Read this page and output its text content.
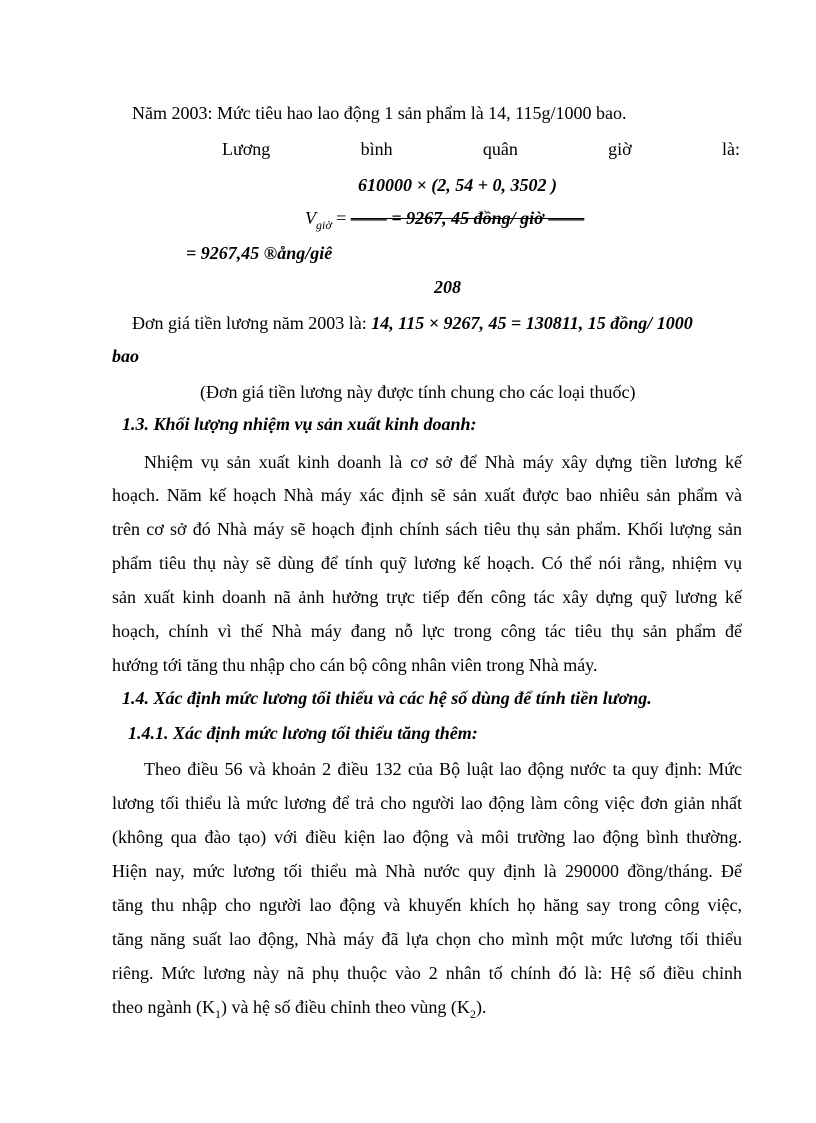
Năm 2003: Mức tiêu hao lao động 1 sản phẩm là 14, 115g/1000 bao.
Lương	bình	quân	giờ	là:
610000 × (2, 54 + 0, 3502 )
$V_{giờ}$ = —— = 9267, 45 đồng/ giờ ——
= 9267,45 ®ång/giê
208
Đơn giá tiền lương năm 2003 là: 14, 115 × 9267, 45 = 130811, 15 đồng/ 1000
bao
(Đơn giá tiền lương này được tính chung cho các loại thuốc)
1.3. Khối lượng nhiệm vụ sản xuất kinh doanh:
Nhiệm vụ sản xuất kinh doanh là cơ sở để Nhà máy xây dựng tiền lương kế
hoạch. Năm kế hoạch Nhà máy xác định sẽ sản xuất được bao nhiêu sản phẩm và
trên cơ sở đó Nhà máy sẽ hoạch định chính sách tiêu thụ sản phẩm. Khối lượng sản
phẩm tiêu thụ này sẽ dùng để tính quỹ lương kế hoạch. Có thể nói rằng, nhiệm vụ
sản xuất kinh doanh nã ảnh hưởng trực tiếp đến công tác xây dựng quỹ lương kế
hoạch, chính vì thế Nhà máy đang nỗ lực trong công tác tiêu thụ sản phẩm để
hướng tới tăng thu nhập cho cán bộ công nhân viên trong Nhà máy.
1.4. Xác định mức lương tối thiểu và các hệ số dùng để tính tiền lương.
1.4.1. Xác định mức lương tối thiểu tăng thêm:
Theo điều 56 và khoản 2 điều 132 của Bộ luật lao động nước ta quy định: Mức
lương tối thiểu là mức lương để trả cho người lao động làm công việc đơn giản nhất
(không qua đào tạo) với điều kiện lao động và môi trường lao động bình thường.
Hiện nay, mức lương tối thiểu mà Nhà nước quy định là 290000 đồng/tháng. Để
tăng thu nhập cho người lao động và khuyến khích họ hăng say trong công việc,
tăng năng suất lao động, Nhà máy đã lựa chọn cho mình một mức lương tối thiểu
riêng. Mức lương này nã phụ thuộc vào 2 nhân tố chính đó là: Hệ số điều chỉnh
theo ngành $(K_1)$ và hệ số điều chỉnh theo vùng $(K_2)$.
